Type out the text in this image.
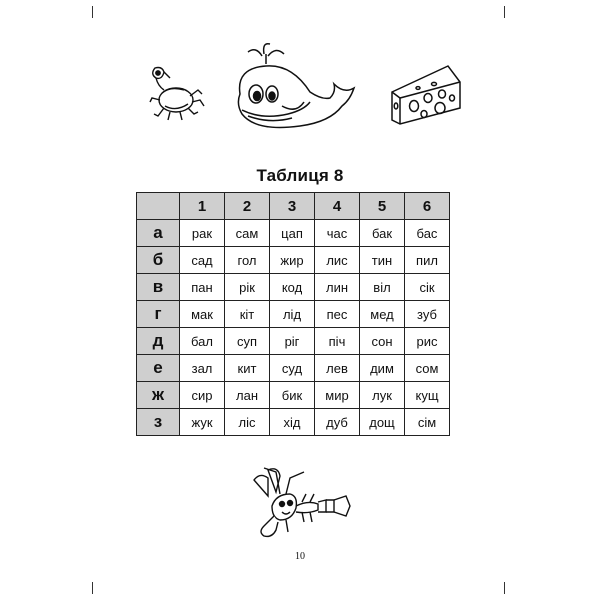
Таблиця 8
	1	2	3	4	5	6
а	рак	сам	цап	час	бак	бас
б	сад	гол	жир	лис	тин	пил
в	пан	рік	код	лин	віл	сік
г	мак	кіт	лід	пес	мед	зуб
д	бал	суп	ріг	піч	сон	рис
е	зал	кит	суд	лев	дим	сом
ж	сир	лан	бик	мир	лук	кущ
з	жук	ліс	хід	дуб	дощ	сім
10
